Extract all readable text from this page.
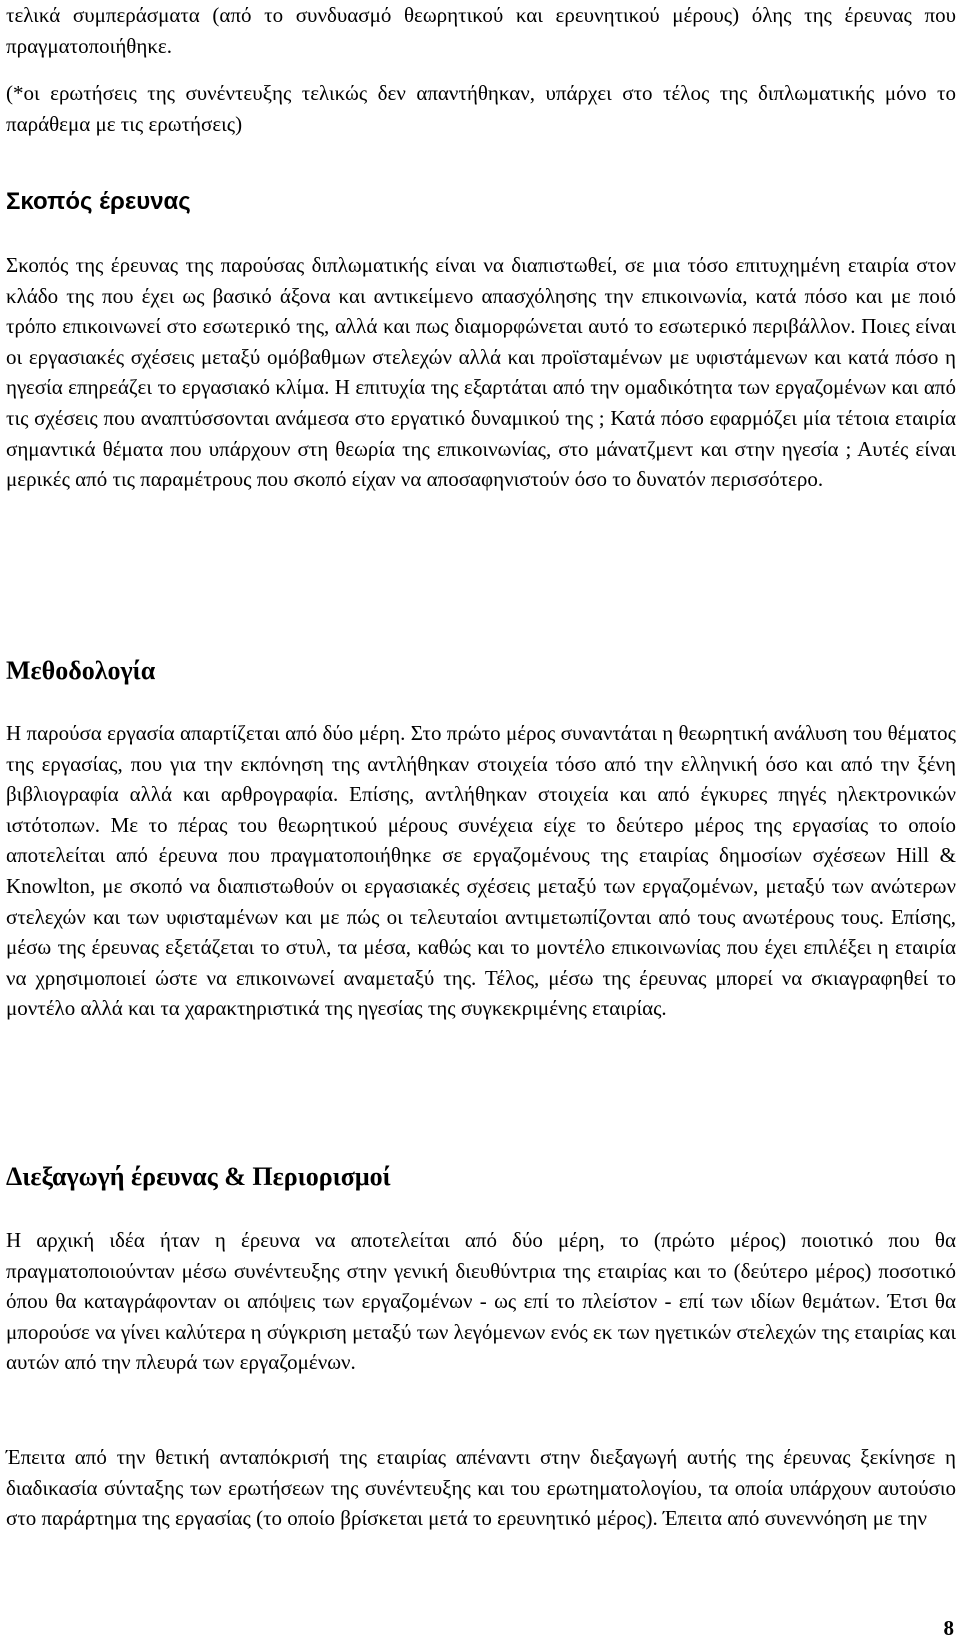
τελικά συμπεράσματα (από το συνδυασμό θεωρητικού και ερευνητικού μέρους) όλης της έρευνας που πραγματοποιήθηκε.

(*οι ερωτήσεις της συνέντευξης τελικώς δεν απαντήθηκαν, υπάρχει στο τέλος της διπλωματικής μόνο το παράθεμα με τις ερωτήσεις)

Σκοπός έρευνας

Σκοπός της έρευνας της παρούσας διπλωματικής είναι να διαπιστωθεί, σε μια τόσο επιτυχημένη εταιρία στον κλάδο της που έχει ως βασικό άξονα και αντικείμενο απασχόλησης την επικοινωνία, κατά πόσο και με ποιό τρόπο επικοινωνεί στο εσωτερικό της, αλλά και πως διαμορφώνεται αυτό το εσωτερικό περιβάλλον. Ποιες είναι οι εργασιακές σχέσεις μεταξύ ομόβαθμων στελεχών αλλά και προϊσταμένων με υφιστάμενων και κατά πόσο η ηγεσία επηρεάζει το εργασιακό κλίμα. Η επιτυχία της εξαρτάται από την ομαδικότητα των εργαζομένων και από τις σχέσεις που αναπτύσσονται ανάμεσα στο εργατικό δυναμικού της ; Κατά πόσο εφαρμόζει μία τέτοια εταιρία σημαντικά θέματα που υπάρχουν στη θεωρία της επικοινωνίας, στο μάνατζμεντ και στην ηγεσία ; Αυτές είναι μερικές από τις παραμέτρους που σκοπό είχαν να αποσαφηνιστούν όσο το δυνατόν περισσότερο.

Μεθοδολογία

Η παρούσα εργασία απαρτίζεται από δύο μέρη. Στο πρώτο μέρος συναντάται η θεωρητική ανάλυση του θέματος της εργασίας, που για την εκπόνηση της αντλήθηκαν στοιχεία τόσο από την ελληνική όσο και από την ξένη βιβλιογραφία αλλά και αρθρογραφία. Επίσης, αντλήθηκαν στοιχεία και από έγκυρες πηγές ηλεκτρονικών ιστότοπων. Με το πέρας του θεωρητικού μέρους συνέχεια είχε το δεύτερο μέρος της εργασίας το οποίο αποτελείται από έρευνα που πραγματοποιήθηκε σε εργαζομένους της εταιρίας δημοσίων σχέσεων Hill & Knowlton, με σκοπό να διαπιστωθούν οι εργασιακές σχέσεις μεταξύ των εργαζομένων, μεταξύ των ανώτερων στελεχών και των υφισταμένων και με πώς οι τελευταίοι αντιμετωπίζονται από τους ανωτέρους τους. Επίσης, μέσω της έρευνας εξετάζεται το στυλ, τα μέσα, καθώς και το μοντέλο επικοινωνίας που έχει επιλέξει η εταιρία να χρησιμοποιεί ώστε να επικοινωνεί αναμεταξύ της. Τέλος, μέσω της έρευνας μπορεί να σκιαγραφηθεί το μοντέλο αλλά και τα χαρακτηριστικά της ηγεσίας της συγκεκριμένης εταιρίας.

Διεξαγωγή έρευνας & Περιορισμοί

Η αρχική ιδέα ήταν η έρευνα να αποτελείται από δύο μέρη, το (πρώτο μέρος) ποιοτικό που θα πραγματοποιούνταν μέσω συνέντευξης στην γενική διευθύντρια της εταιρίας και το (δεύτερο μέρος) ποσοτικό όπου θα καταγράφονταν οι απόψεις των εργαζομένων - ως επί το πλείστον - επί των ιδίων θεμάτων. Έτσι θα μπορούσε να γίνει καλύτερα η σύγκριση μεταξύ των λεγόμενων ενός εκ των ηγετικών στελεχών της εταιρίας και αυτών από την πλευρά των εργαζομένων.

Έπειτα από την θετική ανταπόκρισή της εταιρίας απέναντι στην διεξαγωγή αυτής της έρευνας ξεκίνησε η διαδικασία σύνταξης των ερωτήσεων της συνέντευξης και του ερωτηματολογίου, τα οποία υπάρχουν αυτούσιο στο παράρτημα της εργασίας (το οποίο βρίσκεται μετά το ερευνητικό μέρος). Έπειτα από συνεννόηση με την

8
